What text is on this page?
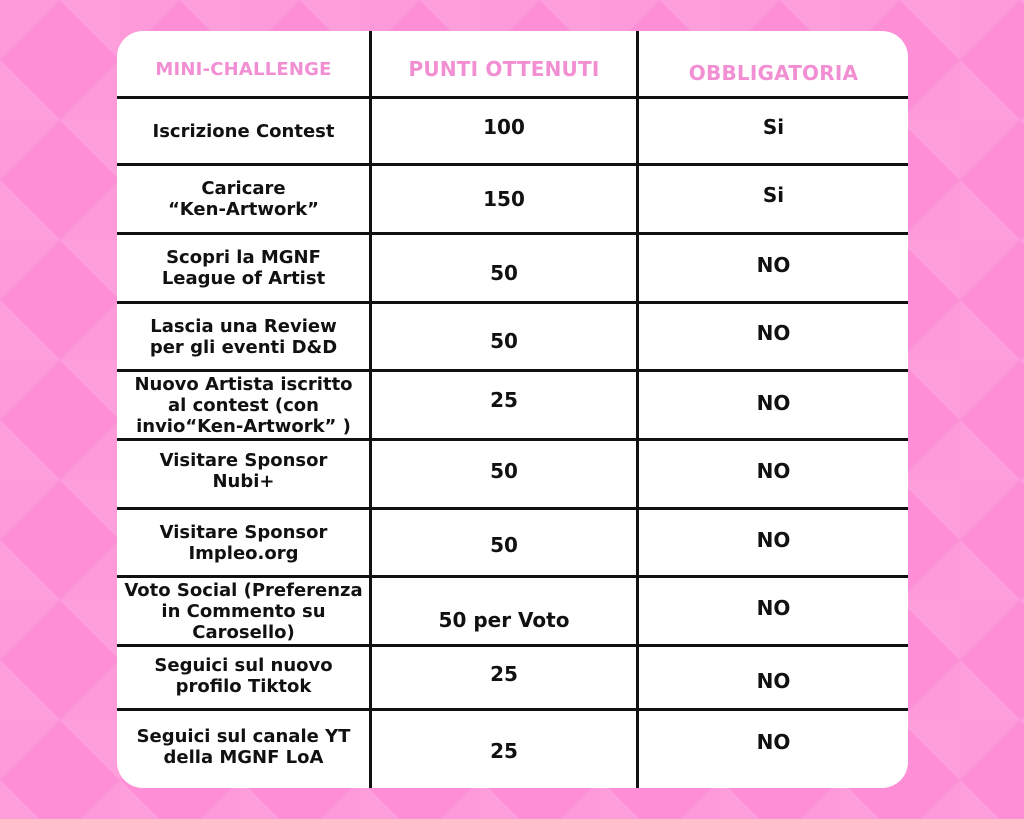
MINI-CHALLENGE	PUNTI OTTENUTI	OBBLIGATORIA
Iscrizione Contest	100	Si
Caricare
“Ken-Artwork”	150	Si
Scopri la MGNF
League of Artist	50	NO
Lascia una Review
per gli eventi D&D	50	NO
Nuovo Artista iscritto
al contest (con
invio“Ken-Artwork” )
25	NO
Visitare Sponsor
Nubi+	50	NO
Visitare Sponsor
Impleo.org	50	NO
Voto Social (Preferenza
in Commento su
Carosello)	50 per Voto	NO
Seguici sul nuovo
profilo Tiktok
25	NO
Seguici sul canale YT
della MGNF LoA	25	NO
